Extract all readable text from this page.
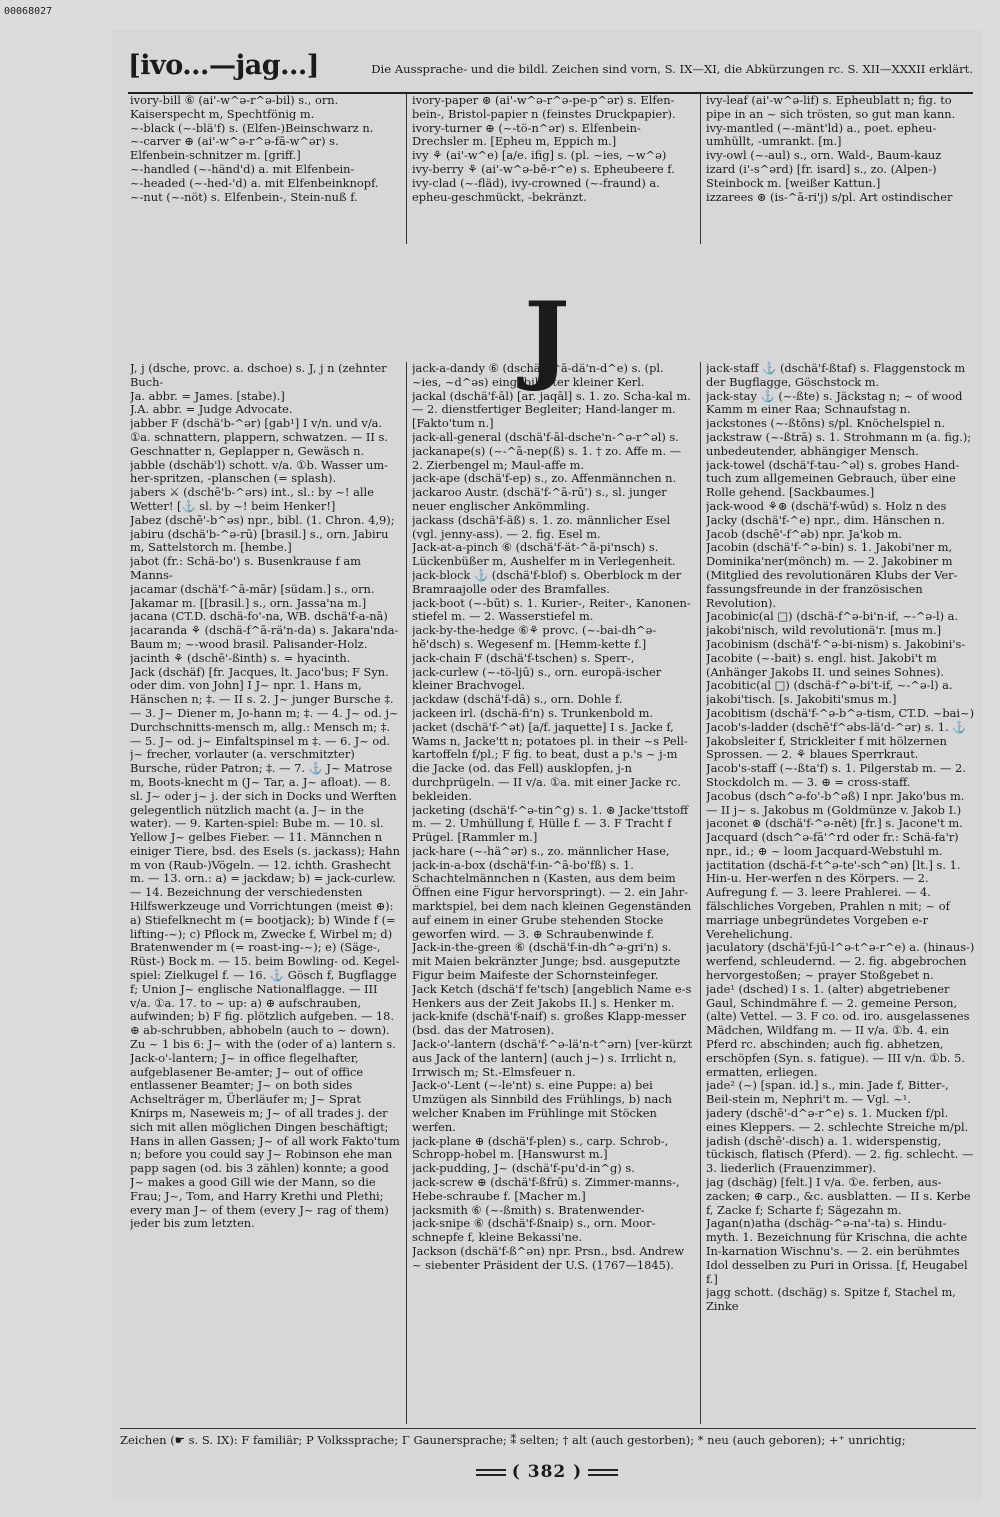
00068027
[ivo...—jag...]	Die Aussprache- und die bildl. Zeichen sind vorn, S. IX—XI, die Abkürzungen rc. S. XII—XXXII erklärt.

ivory-bill ⑥ (ai'-w^ə-r^ə-bil) s., orn. Kaiserspecht m, Spechtfönig m.

~-black (~-blä'f) s. (Elfen-)Beinschwarz n.

~-carver ⊕ (ai'-w^ə-r^ə-fā-w^ər) s. Elfenbein-schnitzer m. [griff.]

~-handled (~-händ'd) a. mit Elfenbein-

~-headed (~-hed-'d) a. mit Elfenbeinknopf.

~-nut (~-nöt) s. Elfenbein-, Stein-nuß f.

ivory-paper ⊛ (ai'-w^ə-r^ə-pe-p^ər) s. Elfen-bein-, Bristol-papier n (feinstes Druckpapier).

ivory-turner ⊕ (~-tö-n^ər) s. Elfenbein-Drechsler m. [Epheu m, Eppich m.]

ivy ⚘ (ai'-w^e) [a/e. ifig] s. (pl. ~ies, ~w^ə)

ivy-berry ⚘ (ai'-w^ə-bĕ-r^e) s. Epheubeere f.

ivy-clad (~-fläd), ivy-crowned (~-fraund) a. epheu-geschmückt, -bekränzt.

ivy-leaf (ai'-w^ə-lif) s. Epheublatt n; fig. to pipe in an ~ sich trösten, so gut man kann.

ivy-mantled (~-mänt'ld) a., poet. epheu-umhüllt, -umrankt. [m.]

ivy-owl (~-aul) s., orn. Wald-, Baum-kauz

izard (i'-s^ərd) [fr. isard] s., zo. (Alpen-) Steinbock m. [weißer Kattun.]

izzarees ⊛ (is-^ā-ri'j) s/pl. Art ostindischer

J

J, j (dsche, provc. a. dschoe) s. J, j n (zehnter Buch-

Ja. abbr. = James. [stabe).]

J.A. abbr. = Judge Advocate.

jabber F (dschä'b-^ər) [gab¹] I v/n. und v/a. ①a. schnattern, plappern, schwatzen. — II s. Geschnatter n, Geplapper n, Gewäsch n.

jabble (dschäb'l) schott. v/a. ①b. Wasser um-her-spritzen, -planschen (= splash).

jabers ⚔ (dschē'b-^ərs) int., sl.: by ~! alle Wetter! [⚓ sl. by ~! beim Henker!]

Jabez (dschē'-b^əs) npr., bibl. (1. Chron. 4,9);

jabiru (dschä'b-^ə-rū) [brasil.] s., orn. Jabiru m, Sattelstorch m. [hembe.]

jabot (fr.: Schä-bo') s. Busenkrause f am Manns-

jacamar (dschä'f-^ā-mār) [südam.] s., orn. Jakamar m. [[brasil.] s., orn. Jassa'na m.]

jacana (CT.D. dschä-fo'-na, WB. dschä'f-a-nā)

jacaranda ⚘ (dschä-f^ā-rä'n-da) s. Jakara'nda-Baum m; ~-wood brasil. Palisander-Holz.

jacinth ⚘ (dschē'-ßinth) s. = hyacinth.

Jack (dschäf) [fr. Jacques, lt. Jaco'bus; F Syn. oder dim. von John] I J~ npr. 1. Hans m, Hänschen n; ‡. — II s. 2. J~ junger Bursche ‡. — 3. J~ Diener m, Jo-hann m; ‡. — 4. J~ od. j~ Durchschnitts-mensch m, allg.: Mensch m; ‡. — 5. J~ od. j~ Einfaltspinsel m ‡. — 6. J~ od. j~ frecher, vorlauter (a. verschmitzter) Bursche, rüder Patron; ‡. — 7. ⚓ J~ Matrose m, Boots-knecht m (J~ Tar, a. J~ afloat). — 8. sl. J~ oder j~ j. der sich in Docks und Werften gelegentlich nützlich macht (a. J~ in the water). — 9. Karten-spiel: Bube m. — 10. sl. Yellow J~ gelbes Fieber. — 11. Männchen n einiger Tiere, bsd. des Esels (s. jackass); Hahn m von (Raub-)Vögeln. — 12. ichth. Grashecht m. — 13. orn.: a) = jackdaw; b) = jack-curlew. — 14. Bezeichnung der verschiedensten Hilfswerkzeuge und Vorrichtungen (meist ⊕): a) Stiefelknecht m (= bootjack); b) Winde f (= lifting-~); c) Pflock m, Zwecke f, Wirbel m; d) Bratenwender m (= roast-ing-~); e) (Säge-, Rüst-) Bock m. — 15. beim Bowling- od. Kegel-spiel: Zielkugel f. — 16. ⚓ Gösch f, Bugflagge f; Union J~ englische Nationalflagge. — III v/a. ①a. 17. to ~ up: a) ⊕ aufschrauben, aufwinden; b) F fig. plötzlich aufgeben. — 18. ⊕ ab-schrubben, abhobeln (auch to ~ down).

Zu ~ 1 bis 6: J~ with the (oder of a) lantern s. Jack-o'-lantern; J~ in office flegelhafter, aufgeblasener Be-amter; J~ out of office entlassener Beamter; J~ on both sides Achselträger m, Überläufer m; J~ Sprat Knirps m, Naseweis m; J~ of all trades j. der sich mit allen möglichen Dingen beschäftigt; Hans in allen Gassen; J~ of all work Fakto'tum n; before you could say J~ Robinson ehe man papp sagen (od. bis 3 zählen) konnte; a good J~ makes a good Gill wie der Mann, so die Frau; J~, Tom, and Harry Krethi und Plethi; every man J~ of them (every J~ rag of them) jeder bis zum letzten.

jack-a-dandy ⑥ (dschä'f-^ā-dä'n-d^e) s. (pl. ~ies, ~d^əs) eingebildeter kleiner Kerl.

jackal (dschä'f-āl) [ar. jaqāl] s. 1. zo. Scha-kal m. — 2. dienstfertiger Begleiter; Hand-langer m. [Fakto'tum n.]

jack-all-general (dschä'f-āl-dsche'n-^ə-r^əl) s.

jackanape(s) (~-^ā-nep(ß) s. 1. † zo. Affe m. — 2. Zierbengel m; Maul-affe m.

jack-ape (dschä'f-ep) s., zo. Affenmännchen n.

jackaroo Austr. (dschä'f-^ā-rū') s., sl. junger neuer englischer Ankömmling.

jackass (dschä'f-äß) s. 1. zo. männlicher Esel (vgl. jenny-ass). — 2. fig. Esel m.

Jack-at-a-pinch ⑥ (dschä'f-ät-^ā-pi'nsch) s. Lückenbüßer m, Aushelfer m in Verlegenheit.

jack-block ⚓ (dschä'f-blof) s. Oberblock m der Bramraajolle oder des Bramfalles.

jack-boot (~-būt) s. 1. Kurier-, Reiter-, Kanonen-stiefel m. — 2. Wasserstiefel m.

jack-by-the-hedge ⑥⚘ provc. (~-bai-dh^ə-hĕ'dsch) s. Wegesenf m. [Hemm-kette f.]

jack-chain F (dschä'f-tschen) s. Sperr-,

jack-curlew (~-tö-ljū) s., orn. europä-ischer kleiner Brachvogel.

jackdaw (dschä'f-dā) s., orn. Dohle f.

jackeen irl. (dschä-fi'n) s. Trunkenbold m.

jacket (dschä'f-^ət) [a/f. jaquette] I s. Jacke f, Wams n, Jacke'tt n; potatoes pl. in their ~s Pell-kartoffeln f/pl.; F fig. to beat, dust a p.'s ~ j-m die Jacke (od. das Fell) ausklopfen, j-n durchprügeln. — II v/a. ①a. mit einer Jacke rc. bekleiden.

jacketing (dschä'f-^ə-tin^g) s. 1. ⊛ Jacke'ttstoff m. — 2. Umhüllung f, Hülle f. — 3. F Tracht f Prügel. [Rammler m.]

jack-hare (~-hä^ər) s., zo. männlicher Hase,

jack-in-a-box (dschä'f-in-^ā-bo'fß) s. 1. Schachtelmännchen n (Kasten, aus dem beim Öffnen eine Figur hervorspringt). — 2. ein Jahr-marktspiel, bei dem nach kleinen Gegenständen auf einem in einer Grube stehenden Stocke geworfen wird. — 3. ⊕ Schraubenwinde f.

Jack-in-the-green ⑥ (dschä'f-in-dh^ə-gri'n) s. mit Maien bekränzter Junge; bsd. ausgeputzte Figur beim Maifeste der Schornsteinfeger.

Jack Ketch (dschä'f fe'tsch) [angeblich Name e-s Henkers aus der Zeit Jakobs II.] s. Henker m.

jack-knife (dschä'f-naif) s. großes Klapp-messer (bsd. das der Matrosen).

Jack-o'-lantern (dschä'f-^ə-lä'n-t^ərn) [ver-kürzt aus Jack of the lantern] (auch j~) s. Irrlicht n, Irrwisch m; St.-Elmsfeuer n.

Jack-o'-Lent (~-le'nt) s. eine Puppe: a) bei Umzügen als Sinnbild des Frühlings, b) nach welcher Knaben im Frühlinge mit Stöcken werfen.

jack-plane ⊕ (dschä'f-plen) s., carp. Schrob-, Schropp-hobel m. [Hanswurst m.]

jack-pudding, J~ (dschä'f-pu'd-in^g) s.

jack-screw ⊕ (dschä'f-ßfrū) s. Zimmer-manns-, Hebe-schraube f. [Macher m.]

jacksmith ⑥ (~-ßmith) s. Bratenwender-

jack-snipe ⑥ (dschä'f-ßnaip) s., orn. Moor-schnepfe f, kleine Bekassi'ne.

Jackson (dschä'f-ß^ən) npr. Prsn., bsd. Andrew ~ siebenter Präsident der U.S. (1767—1845).

jack-staff ⚓ (dschä'f-ßtaf) s. Flaggenstock m der Bugflagge, Göschstock m.

jack-stay ⚓ (~-ßte) s. Jäckstag n; ~ of wood Kamm m einer Raa; Schnaufstag n.

jackstones (~-ßtōns) s/pl. Knöchelspiel n.

jackstraw (~-ßtrā) s. 1. Strohmann m (a. fig.); unbedeutender, abhängiger Mensch.

jack-towel (dschä'f-tau-^əl) s. grobes Hand-tuch zum allgemeinen Gebrauch, über eine Rolle gehend. [Sackbaumes.]

jack-wood ⚘⊛ (dschä'f-wūd) s. Holz n des

Jacky (dschä'f-^e) npr., dim. Hänschen n.

Jacob (dschē'-f^əb) npr. Ja'kob m.

Jacobin (dschä'f-^ə-bin) s. 1. Jakobi'ner m, Dominika'ner(mönch) m. — 2. Jakobiner m (Mitglied des revolutionären Klubs der Ver-fassungsfreunde in der französischen Revolution).

Jacobinic(al □) (dschä-f^ə-bi'n-if, ~-^ə-l) a. jakobi'nisch, wild revolutionä'r. [mus m.]

Jacobinism (dschä'f-^ə-bi-nism) s. Jakobini's-

Jacobite (~-bait) s. engl. hist. Jakobi't m (Anhänger Jakobs II. und seines Sohnes).

Jacobitic(al □) (dschä-f^ə-bi't-if, ~-^ə-l) a. jakobi'tisch. [s. Jakobiti'smus m.]

Jacobitism (dschä'f-^ə-b^ə-tism, CT.D. ~bai~)

Jacob's-ladder (dschē'f^əbs-lä'd-^ər) s. 1. ⚓ Jakobsleiter f, Strickleiter f mit hölzernen Sprossen. — 2. ⚘ blaues Sperrkraut.

Jacob's-staff (~-ßta'f) s. 1. Pilgerstab m. — 2. Stockdolch m. — 3. ⊕ = cross-staff.

Jacobus (dsch^ə-fo'-b^əß) I npr. Jako'bus m. — II j~ s. Jakobus m (Goldmünze v. Jakob I.)

jaconet ⊛ (dschä'f-^ə-nĕt) [fr.] s. Jacone't m.

Jacquard (dsch^ə-fā'^rd oder fr.: Schä-fa'r) npr., id.; ⊕ ~ loom Jacquard-Webstuhl m.

jactitation (dschä-f-t^ə-te'-sch^ən) [lt.] s. 1. Hin-u. Her-werfen n des Körpers. — 2. Aufregung f. — 3. leere Prahlerei. — 4. fälschliches Vorgeben, Prahlen n mit; ~ of marriage unbegründetes Vorgeben e-r Verehelichung.

jaculatory (dschä'f-jū-l^ə-t^ə-r^e) a. (hinaus-) werfend, schleudernd. — 2. fig. abgebrochen hervorgestoßen; ~ prayer Stoßgebet n.

jade¹ (dsched) I s. 1. (alter) abgetriebener Gaul, Schindmähre f. — 2. gemeine Person, (alte) Vettel. — 3. F co. od. iro. ausgelassenes Mädchen, Wildfang m. — II v/a. ①b. 4. ein Pferd rc. abschinden; auch fig. abhetzen, erschöpfen (Syn. s. fatigue). — III v/n. ①b. 5. ermatten, erliegen.

jade² (~) [span. id.] s., min. Jade f, Bitter-, Beil-stein m, Nephri't m. — Vgl. ~¹.

jadery (dschē'-d^ə-r^e) s. 1. Mucken f/pl. eines Kleppers. — 2. schlechte Streiche m/pl.

jadish (dschē'-disch) a. 1. widerspenstig, tückisch, flatisch (Pferd). — 2. fig. schlecht. — 3. liederlich (Frauenzimmer).

jag (dschäg) [felt.] I v/a. ①e. ferben, aus-zacken; ⊕ carp., &c. ausblatten. — II s. Kerbe f, Zacke f; Scharte f; Sägezahn m.

Jagan(n)atha (dschäg-^ə-na'-ta) s. Hindu-myth. 1. Bezeichnung für Krischna, die achte In-karnation Wischnu's. — 2. ein berühmtes Idol desselben zu Puri in Orissa. [f, Heugabel f.]

jagg schott. (dschäg) s. Spitze f, Stachel m, Zinke

Zeichen (☛ s. S. IX): F familiär; P Volkssprache; Γ Gaunersprache; ⁑ selten; † alt (auch gestorben); * neu (auch geboren); +⁺ unrichtig;
( 382 )
